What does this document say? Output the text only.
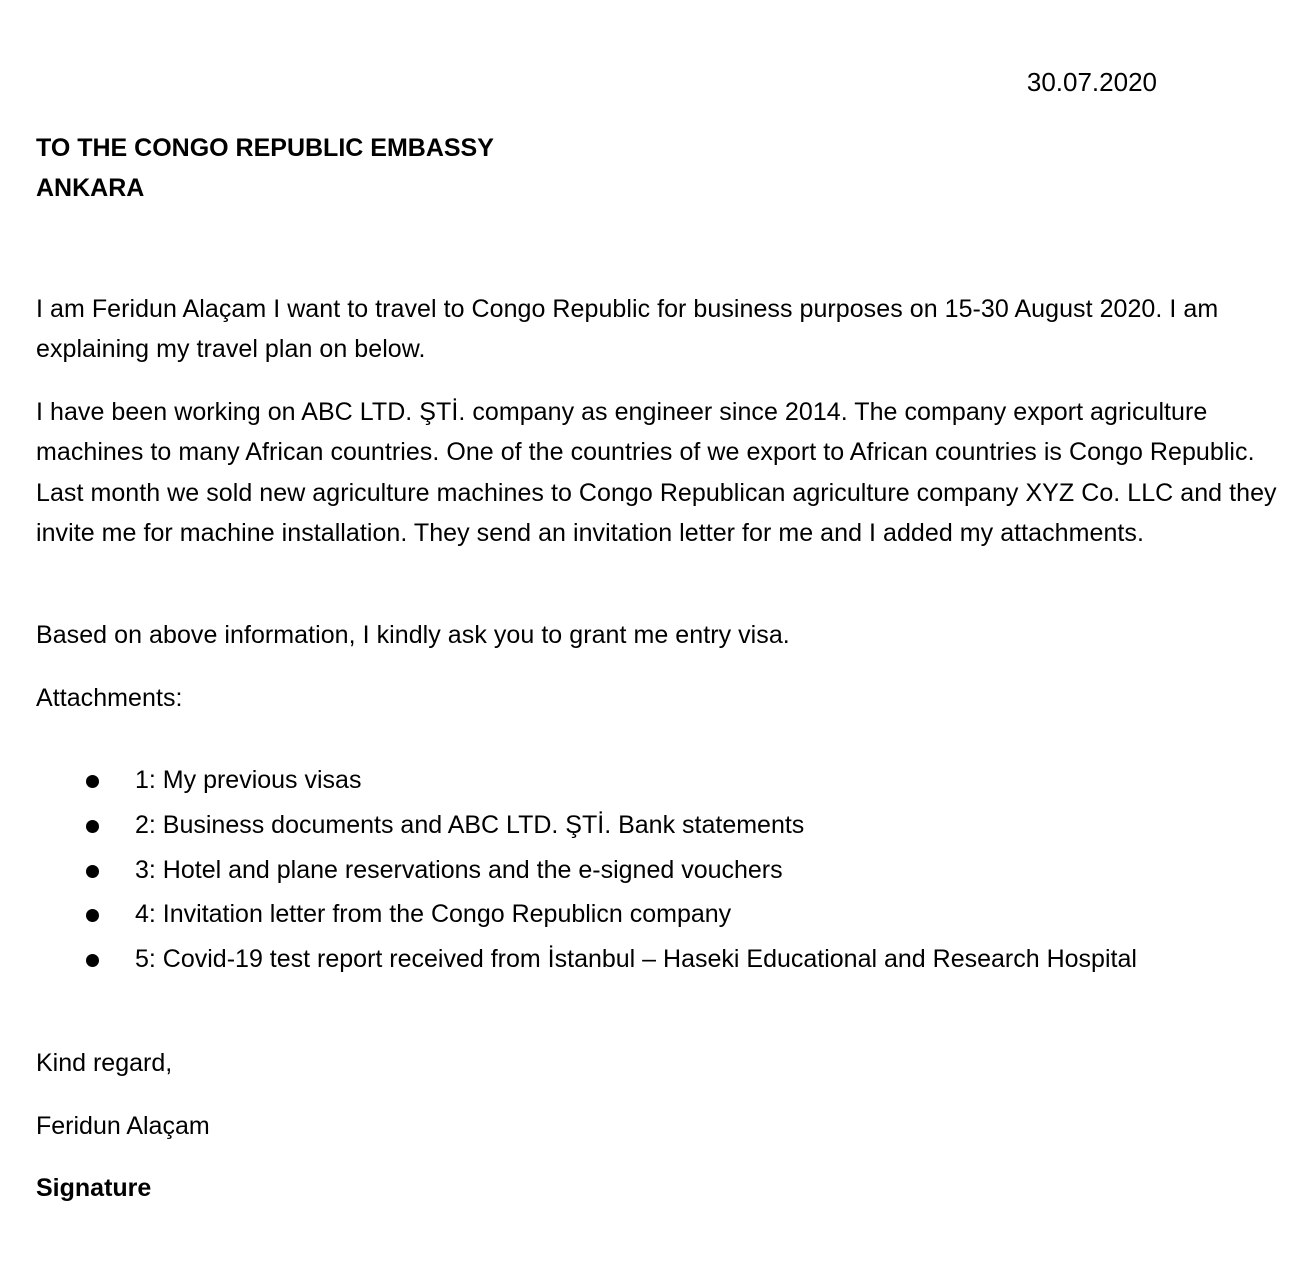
30.07.2020
TO THE CONGO REPUBLIC EMBASSY
ANKARA

I am Feridun Alaçam I want to travel to Congo Republic for business purposes on 15-30 August 2020. I am explaining my travel plan on below.

I have been working on ABC LTD. ŞTİ. company as engineer since 2014. The company export agriculture machines to many African countries. One of the countries of we export to African countries is Congo Republic. Last month we sold new agriculture machines to Congo Republican agriculture company XYZ Co. LLC and they invite me for machine installation. They send an invitation letter for me and I added my attachments.

Based on above information, I kindly ask you to grant me entry visa.

Attachments:
1: My previous visas
2: Business documents and ABC LTD. ŞTİ. Bank statements
3: Hotel and plane reservations and the e-signed vouchers
4: Invitation letter from the Congo Republicn company
5: Covid-19 test report received from İstanbul – Haseki Educational and Research Hospital
Kind regard,
Feridun Alaçam
Signature
